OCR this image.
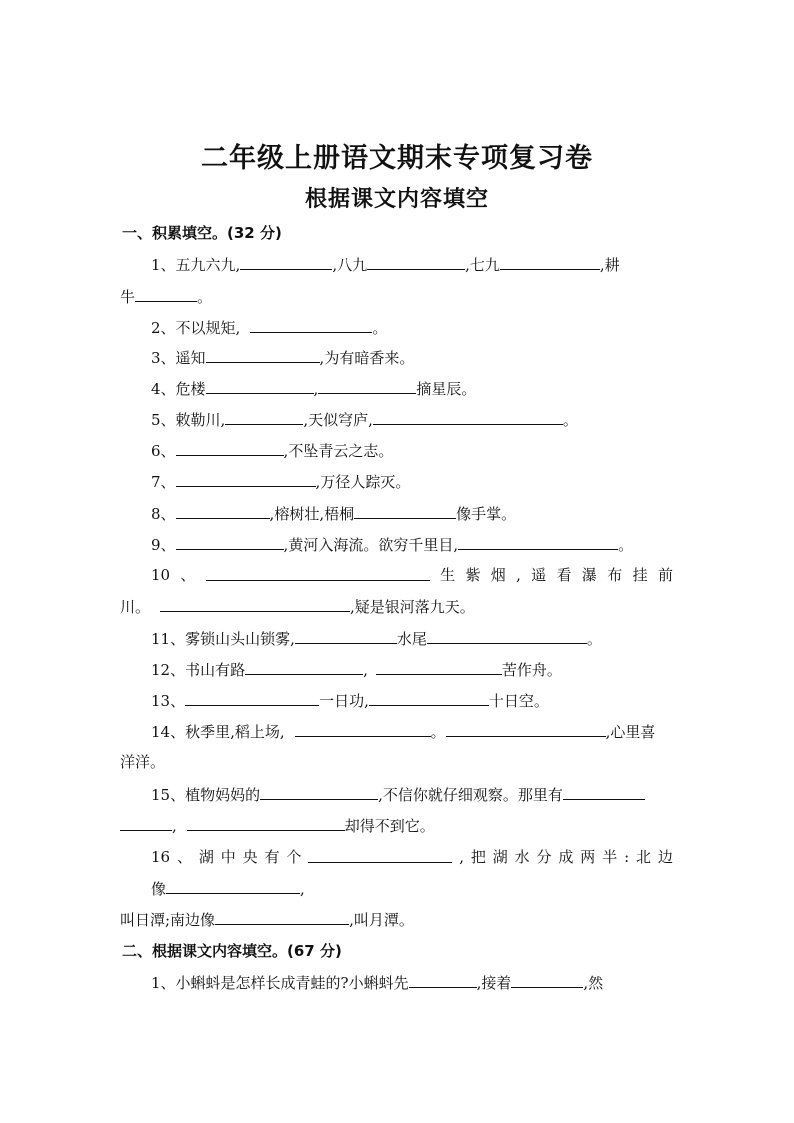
二年级上册语文期末专项复习卷
根据课文内容填空
一、积累填空。(32 分)
1、五九六九,	,八九	,七九	,耕
牛	。
2、不以规矩,	。
3、遥知	,为有暗香来。
4、危楼	,	摘星辰。
5、敕勒川,	,天似穹庐,	。
6、	,不坠青云之志。
7、	,万径人踪灭。
8、	,榕树壮,梧桐	像手掌。
9、	,黄河入海流。欲穷千里目,	。
10 、	生 紫 烟 , 遥 看 瀑 布 挂 前
川。	,疑是银河落九天。
11、雾锁山头山锁雾,	水尾	。
12、书山有路	,	苦作舟。
13、	一日功,	十日空。
14、秋季里,稻上场,	。	,心里喜
洋洋。
15、植物妈妈的	,不信你就仔细观察。那里有
,	却得不到它。
16 、 湖 中 央 有 个	, 把 湖 水 分 成 两 半 : 北 边
像	,
叫日潭;南边像	,叫月潭。
二、根据课文内容填空。(67 分)
1、小蝌蚪是怎样长成青蛙的?小蝌蚪先	,接着	,然
